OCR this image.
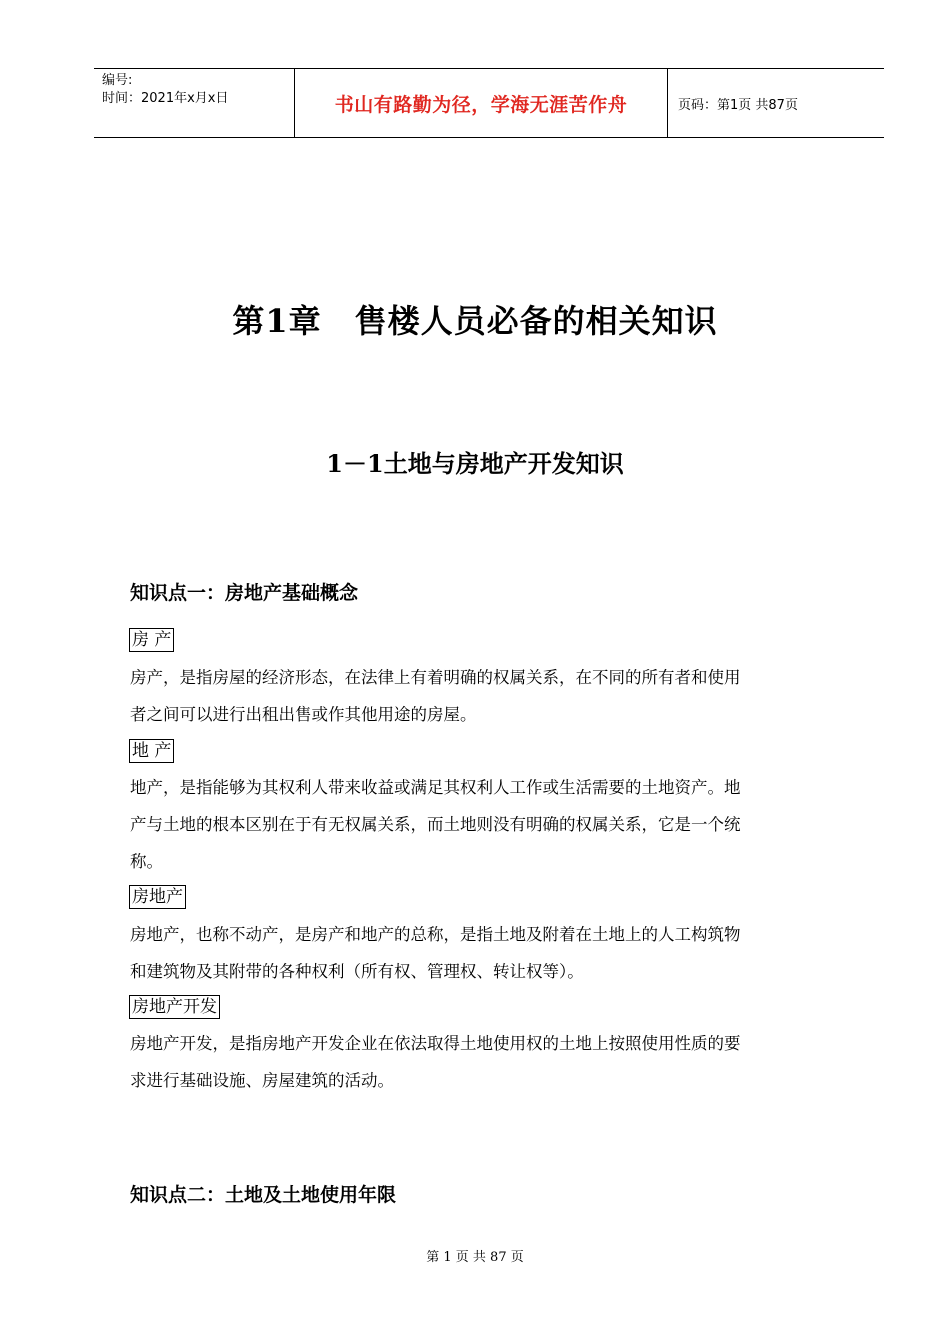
编号:
时间：2021年x月x日	书山有路勤为径，学海无涯苦作舟	页码：第1页 共87页
第1章　售楼人员必备的相关知识
1－1土地与房地产开发知识
知识点一：房地产基础概念
房 产
房产，是指房屋的经济形态，在法律上有着明确的权属关系，在不同的所有者和使用
者之间可以进行出租出售或作其他用途的房屋。
地 产
地产，是指能够为其权利人带来收益或满足其权利人工作或生活需要的土地资产。地
产与土地的根本区别在于有无权属关系，而土地则没有明确的权属关系，它是一个统
称。
房地产
房地产，也称不动产，是房产和地产的总称，是指土地及附着在土地上的人工构筑物
和建筑物及其附带的各种权利（所有权、管理权、转让权等）。
房地产开发
房地产开发，是指房地产开发企业在依法取得土地使用权的土地上按照使用性质的要
求进行基础设施、房屋建筑的活动。
知识点二：土地及土地使用年限
第 1 页 共 87 页
